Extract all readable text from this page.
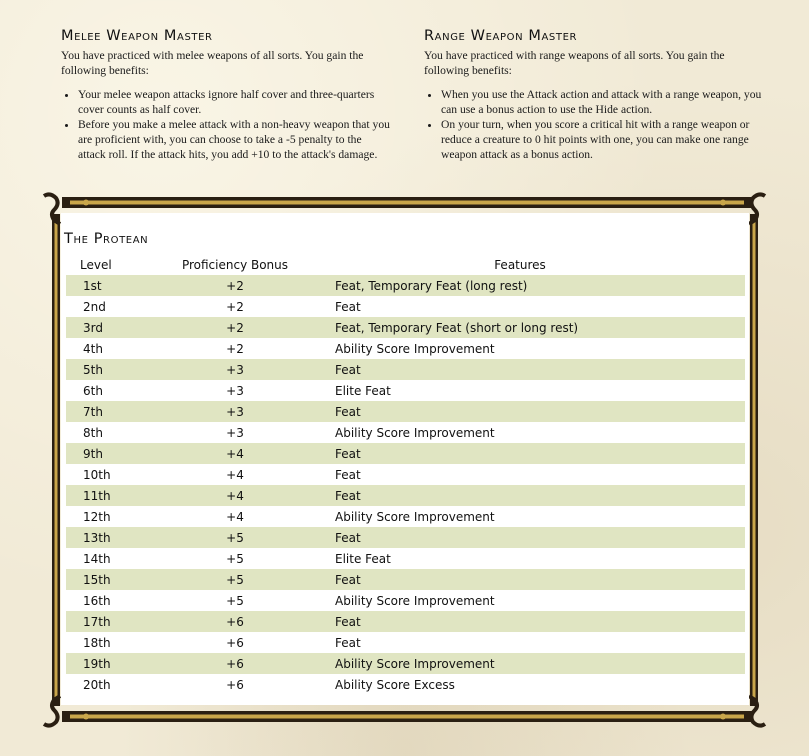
Melee Weapon Master

You have practiced with melee weapons of all sorts. You gain the following benefits:

• Your melee weapon attacks ignore half cover and three-quarters cover counts as half cover.
• Before you make a melee attack with a non-heavy weapon that you are proficient with, you can choose to take a -5 penalty to the attack roll. If the attack hits, you add +10 to the attack's damage.
Range Weapon Master

You have practiced with range weapons of all sorts. You gain the following benefits:

• When you use the Attack action and attack with a range weapon, you can use a bonus action to use the Hide action.
• On your turn, when you score a critical hit with a range weapon or reduce a creature to 0 hit points with one, you can make one range weapon attack as a bonus action.
The Protean
Level	Proficiency Bonus	Features
1st	+2	Feat, Temporary Feat (long rest)
2nd	+2	Feat
3rd	+2	Feat, Temporary Feat (short or long rest)
4th	+2	Ability Score Improvement
5th	+3	Feat
6th	+3	Elite Feat
7th	+3	Feat
8th	+3	Ability Score Improvement
9th	+4	Feat
10th	+4	Feat
11th	+4	Feat
12th	+4	Ability Score Improvement
13th	+5	Feat
14th	+5	Elite Feat
15th	+5	Feat
16th	+5	Ability Score Improvement
17th	+6	Feat
18th	+6	Feat
19th	+6	Ability Score Improvement
20th	+6	Ability Score Excess
